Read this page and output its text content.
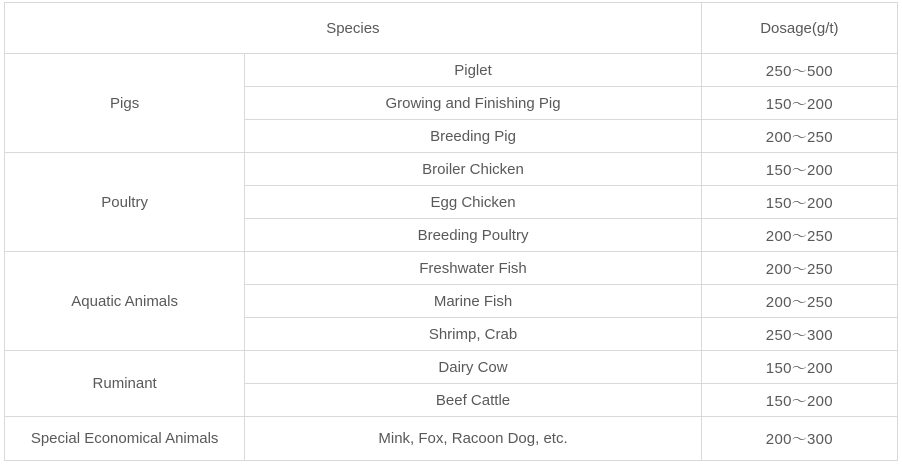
Species		Dosage(g/t)
Pigs	Piglet	250～500
	Growing and Finishing Pig	150～200
	Breeding Pig	200～250
Poultry	Broiler Chicken	150～200
	Egg Chicken	150～200
	Breeding Poultry	200～250
Aquatic Animals	Freshwater Fish	200～250
	Marine Fish	200～250
	Shrimp, Crab	250～300
Ruminant	Dairy Cow	150～200
	Beef Cattle	150～200
Special Economical Animals	Mink, Fox, Racoon Dog, etc.	200～300
